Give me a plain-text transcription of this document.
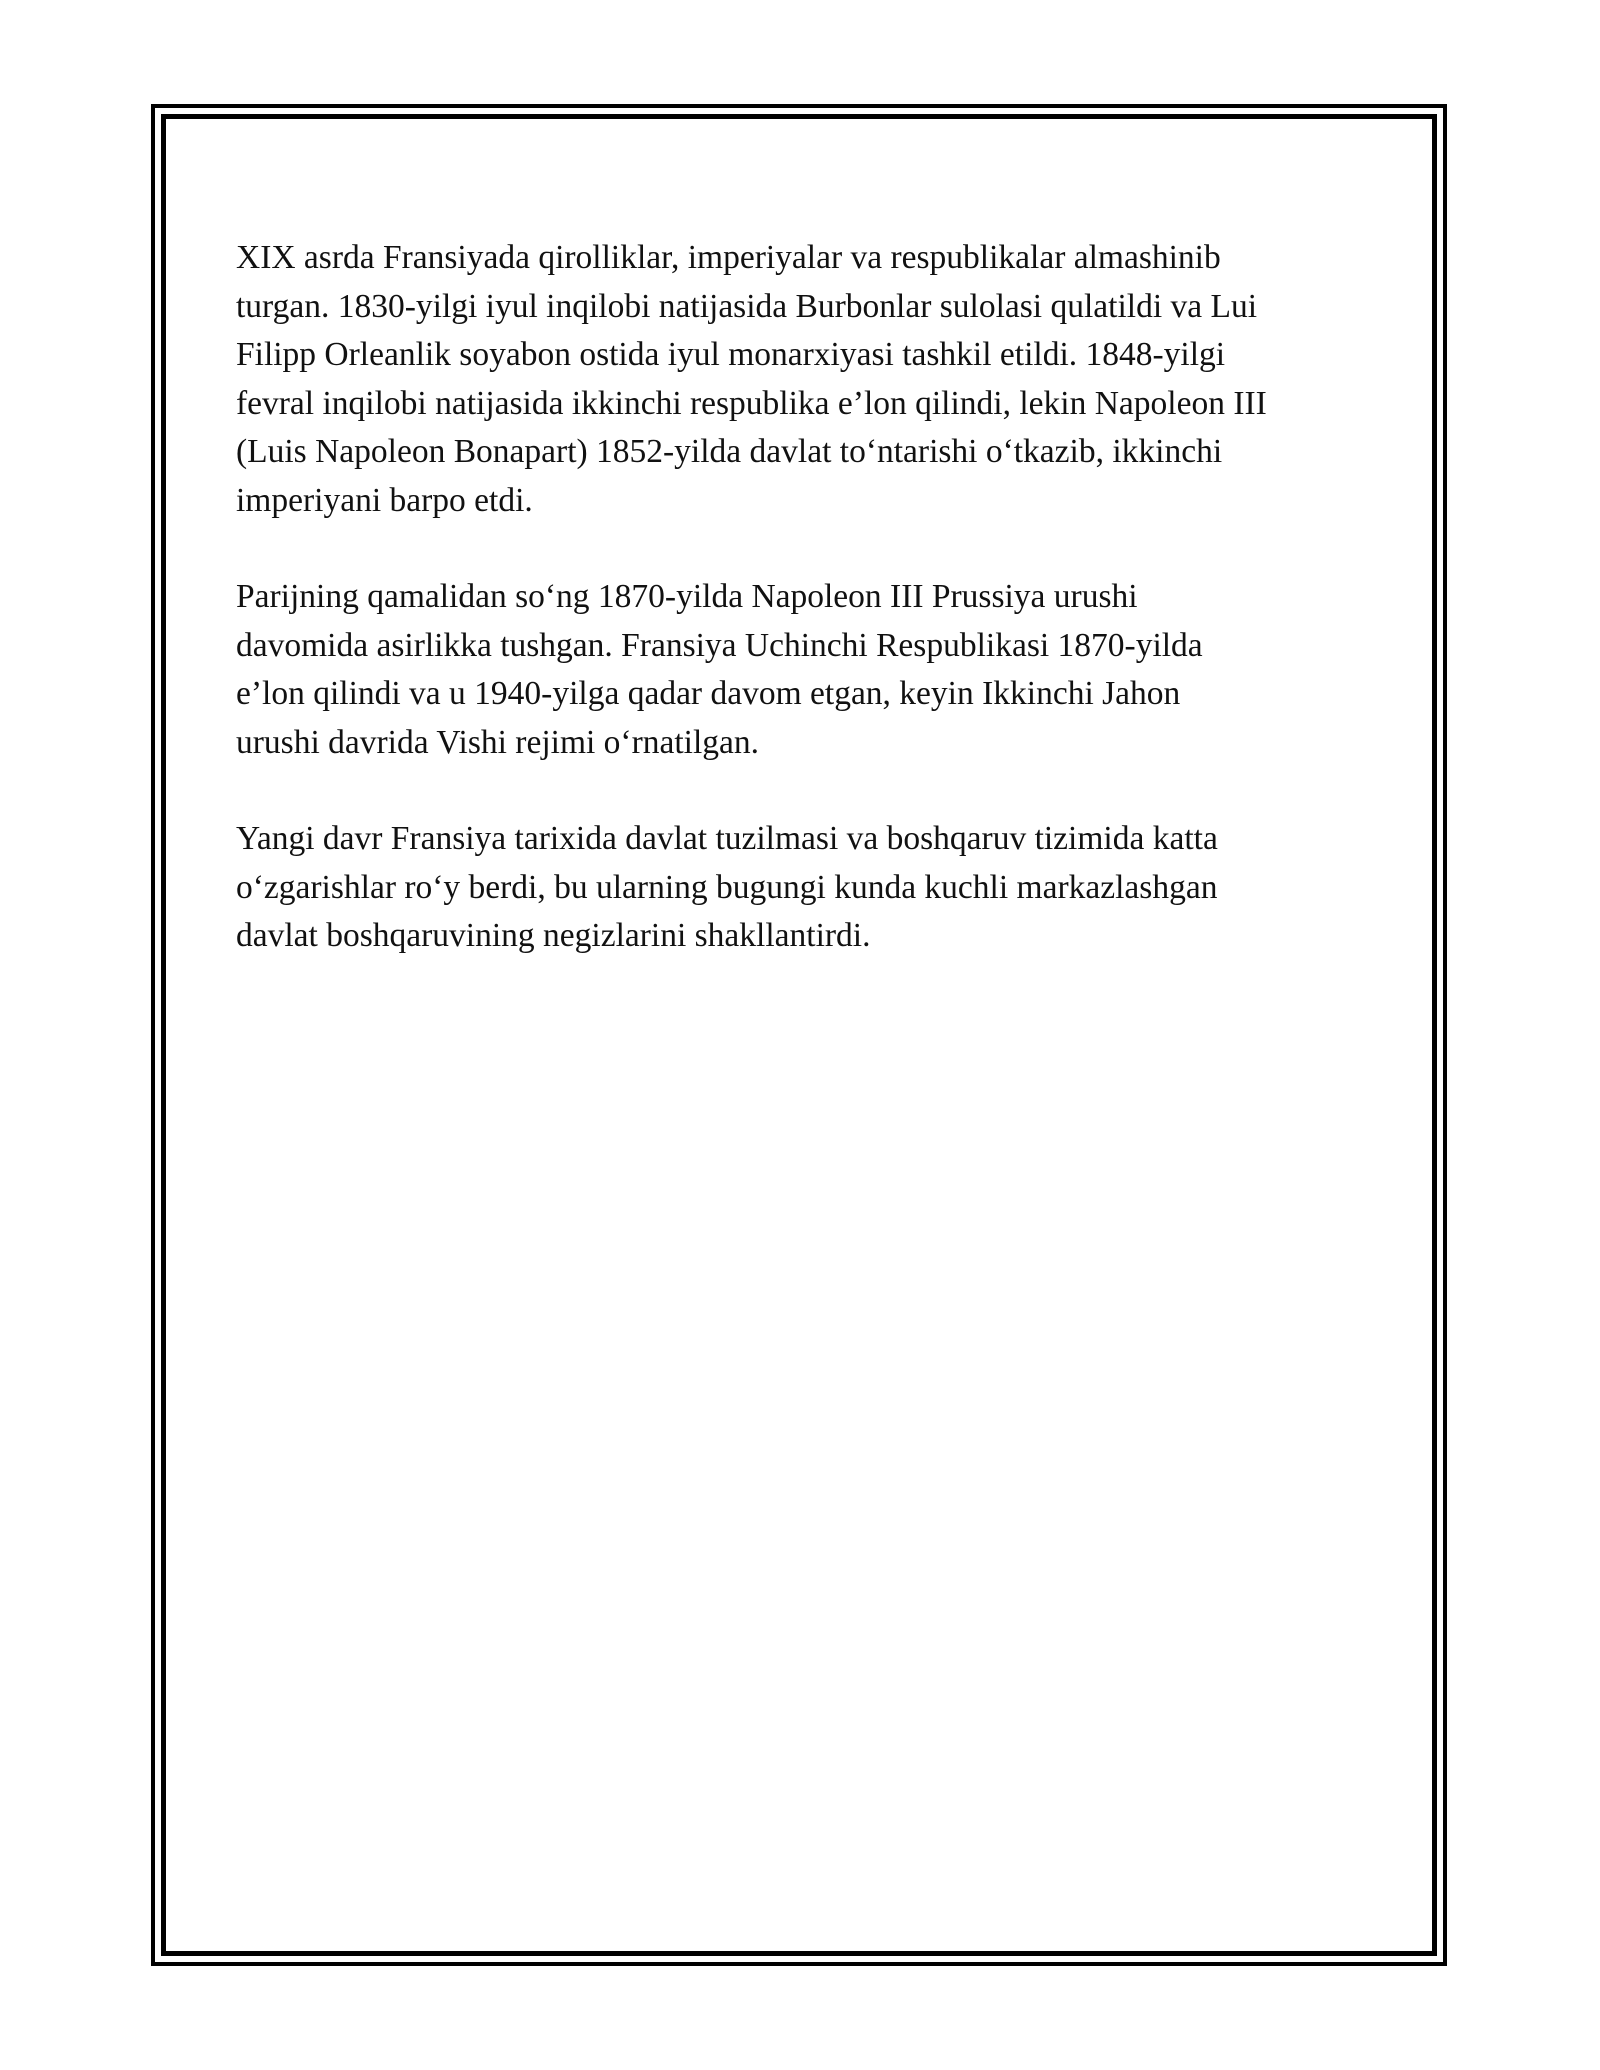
XIX asrda Fransiyada qirolliklar, imperiyalar va respublikalar almashinib
turgan. 1830-yilgi iyul inqilobi natijasida Burbonlar sulolasi qulatildi va Lui
Filipp Orleanlik soyabon ostida iyul monarxiyasi tashkil etildi. 1848-yilgi
fevral inqilobi natijasida ikkinchi respublika e’lon qilindi, lekin Napoleon III
(Luis Napoleon Bonapart) 1852-yilda davlat to‘ntarishi o‘tkazib, ikkinchi
imperiyani barpo etdi.

Parijning qamalidan so‘ng 1870-yilda Napoleon III Prussiya urushi
davomida asirlikka tushgan. Fransiya Uchinchi Respublikasi 1870-yilda
e’lon qilindi va u 1940-yilga qadar davom etgan, keyin Ikkinchi Jahon
urushi davrida Vishi rejimi o‘rnatilgan.

Yangi davr Fransiya tarixida davlat tuzilmasi va boshqaruv tizimida katta
o‘zgarishlar ro‘y berdi, bu ularning bugungi kunda kuchli markazlashgan
davlat boshqaruvining negizlarini shakllantirdi.
